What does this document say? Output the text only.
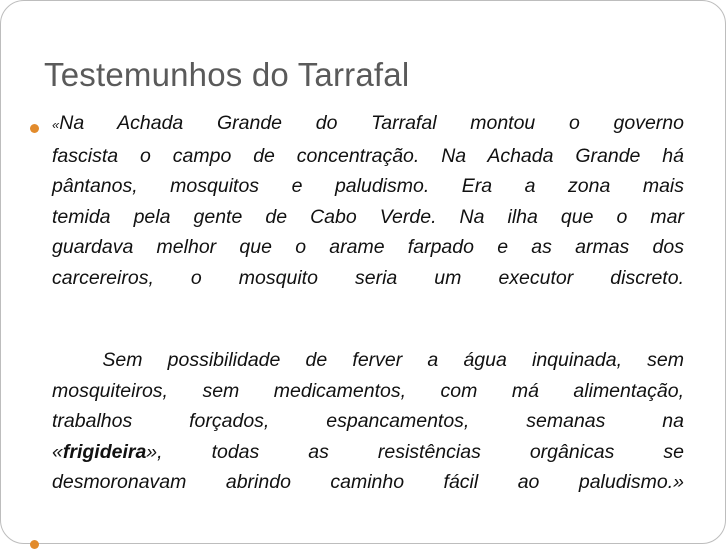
Testemunhos do Tarrafal
«Na Achada Grande do Tarrafal montou o governo
fascista o campo de concentração. Na Achada Grande há
pântanos, mosquitos e paludismo. Era a zona mais
temida pela gente de Cabo Verde. Na ilha que o mar
guardava melhor que o arame farpado e as armas dos
carcereiros, o mosquito seria um executor discreto.
Sem possibilidade de ferver a água inquinada, sem
mosquiteiros, sem medicamentos, com má alimentação,
trabalhos forçados, espancamentos, semanas na
«frigideira», todas as resistências orgânicas se
desmoronavam abrindo caminho fácil ao paludismo.»
